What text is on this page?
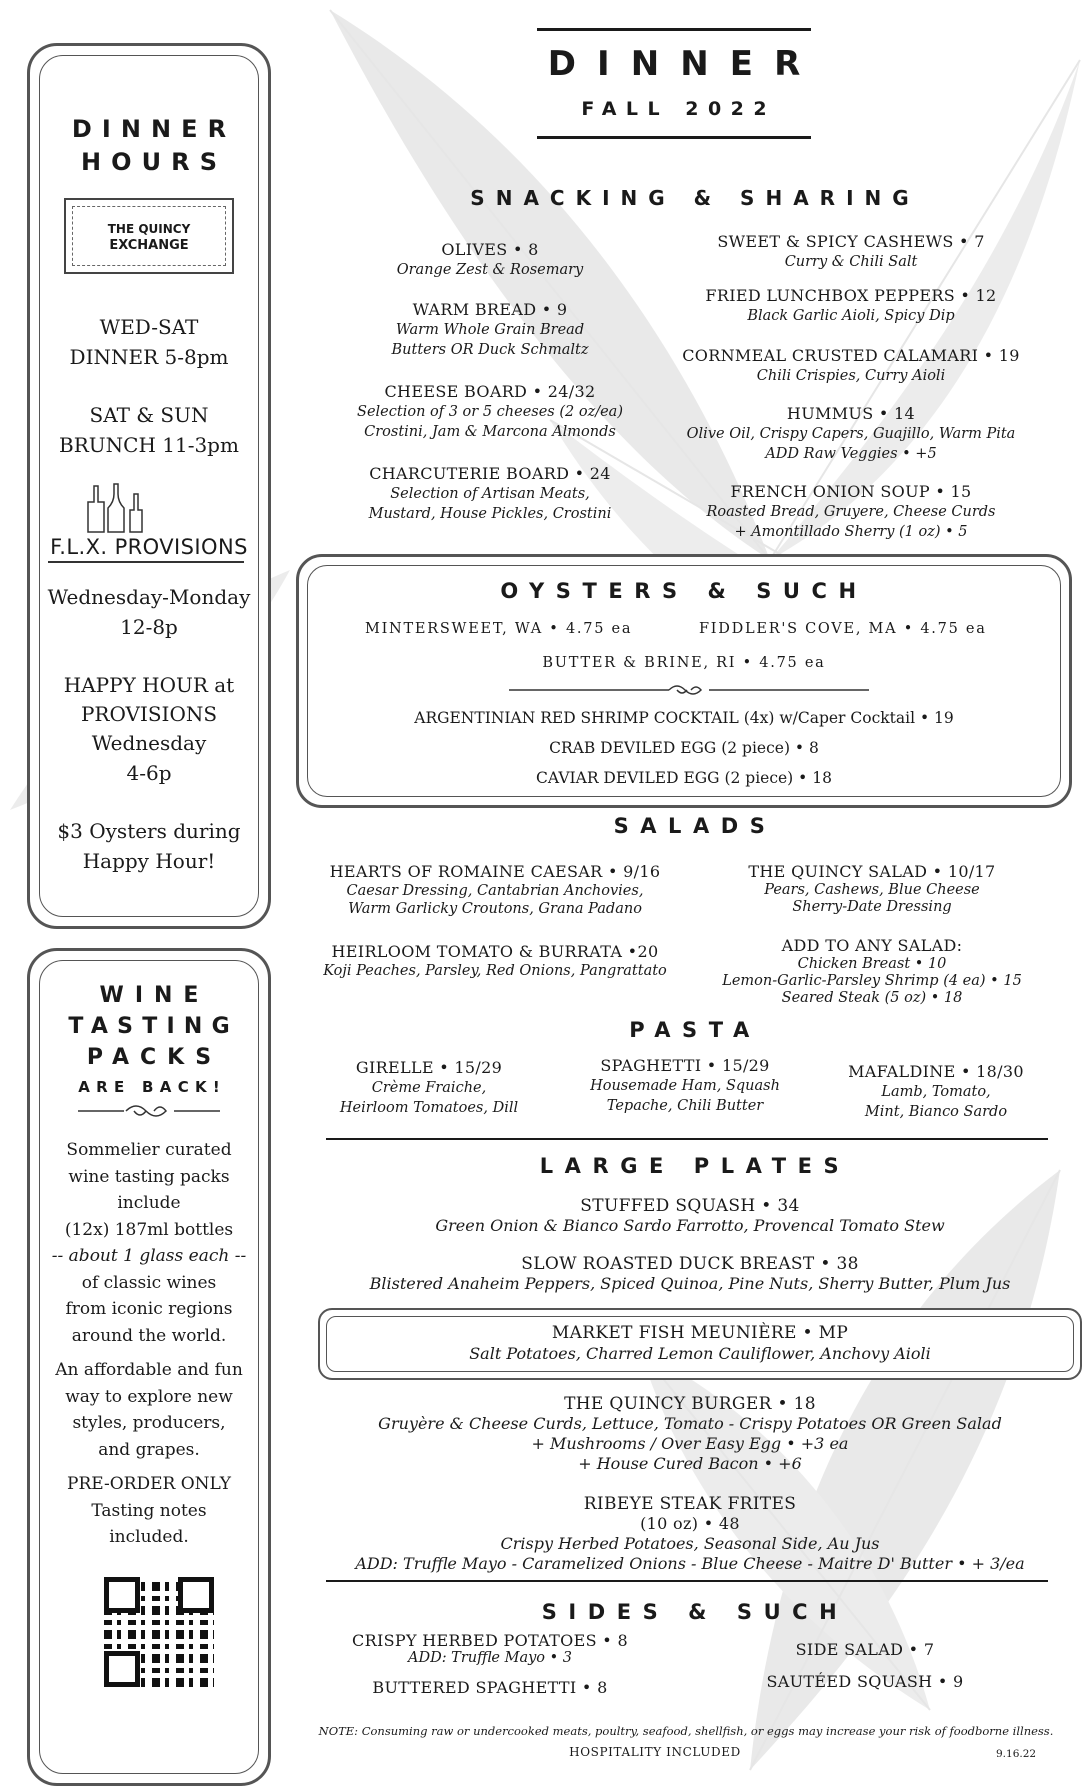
DINNER
FALL 2022
DINNER
HOURS
THE QUINCY
EXCHANGE
WED-SAT
DINNER 5-8pm
SAT & SUN
BRUNCH 11-3pm
F.L.X. PROVISIONS
Wednesday-Monday
12-8p
HAPPY HOUR at
PROVISIONS
Wednesday
4-6p
$3 Oysters during
Happy Hour!
WINE
TASTING
PACKS
ARE BACK!
Sommelier curated
wine tasting packs
include
(12x) 187ml bottles
-- about 1 glass each --
of classic wines
from iconic regions
around the world.
An affordable and fun
way to explore new
styles, producers,
and grapes.
PRE-ORDER ONLY
Tasting notes
included.
SNACKING & SHARING
OLIVES • 8
Orange Zest & Rosemary
WARM BREAD • 9
Warm Whole Grain Bread
Butters OR Duck Schmaltz
CHEESE BOARD • 24/32
Selection of 3 or 5 cheeses (2 oz/ea)
Crostini, Jam & Marcona Almonds
CHARCUTERIE BOARD • 24
Selection of Artisan Meats,
Mustard, House Pickles, Crostini
SWEET & SPICY CASHEWS • 7
Curry & Chili Salt
FRIED LUNCHBOX PEPPERS • 12
Black Garlic Aioli, Spicy Dip
CORNMEAL CRUSTED CALAMARI • 19
Chili Crispies, Curry Aioli
HUMMUS • 14
Olive Oil, Crispy Capers, Guajillo, Warm Pita
ADD Raw Veggies • +5
FRENCH ONION SOUP • 15
Roasted Bread, Gruyere, Cheese Curds
+ Amontillado Sherry (1 oz) • 5
OYSTERS & SUCH
MINTERSWEET, WA • 4.75 ea	FIDDLER'S COVE, MA • 4.75 ea
BUTTER & BRINE, RI • 4.75 ea
ARGENTINIAN RED SHRIMP COCKTAIL (4x) w/Caper Cocktail • 19
CRAB DEVILED EGG (2 piece) • 8
CAVIAR DEVILED EGG (2 piece) • 18
SALADS
HEARTS OF ROMAINE CAESAR • 9/16
Caesar Dressing, Cantabrian Anchovies,
Warm Garlicky Croutons, Grana Padano
HEIRLOOM TOMATO & BURRATA •20
Koji Peaches, Parsley, Red Onions, Pangrattato
THE QUINCY SALAD • 10/17
Pears, Cashews, Blue Cheese
Sherry-Date Dressing
ADD TO ANY SALAD:
Chicken Breast • 10
Lemon-Garlic-Parsley Shrimp (4 ea) • 15
Seared Steak (5 oz) • 18
PASTA
GIRELLE • 15/29
Crème Fraiche,
Heirloom Tomatoes, Dill
SPAGHETTI • 15/29
Housemade Ham, Squash
Tepache, Chili Butter
MAFALDINE • 18/30
Lamb, Tomato,
Mint, Bianco Sardo
LARGE PLATES
STUFFED SQUASH • 34
Green Onion & Bianco Sardo Farrotto, Provencal Tomato Stew
SLOW ROASTED DUCK BREAST • 38
Blistered Anaheim Peppers, Spiced Quinoa, Pine Nuts, Sherry Butter, Plum Jus
MARKET FISH MEUNIÈRE • MP
Salt Potatoes, Charred Lemon Cauliflower, Anchovy Aioli
THE QUINCY BURGER • 18
Gruyère & Cheese Curds, Lettuce, Tomato - Crispy Potatoes OR Green Salad
+ Mushrooms / Over Easy Egg • +3 ea
+ House Cured Bacon • +6
RIBEYE STEAK FRITES
(10 oz) • 48
Crispy Herbed Potatoes, Seasonal Side, Au Jus
ADD: Truffle Mayo - Caramelized Onions - Blue Cheese - Maitre D' Butter • + 3/ea
SIDES & SUCH
CRISPY HERBED POTATOES • 8
ADD: Truffle Mayo • 3
BUTTERED SPAGHETTI • 8
SIDE SALAD • 7
SAUTÉED SQUASH • 9
NOTE: Consuming raw or undercooked meats, poultry, seafood, shellfish, or eggs may increase your risk of foodborne illness.
HOSPITALITY INCLUDED	9.16.22
